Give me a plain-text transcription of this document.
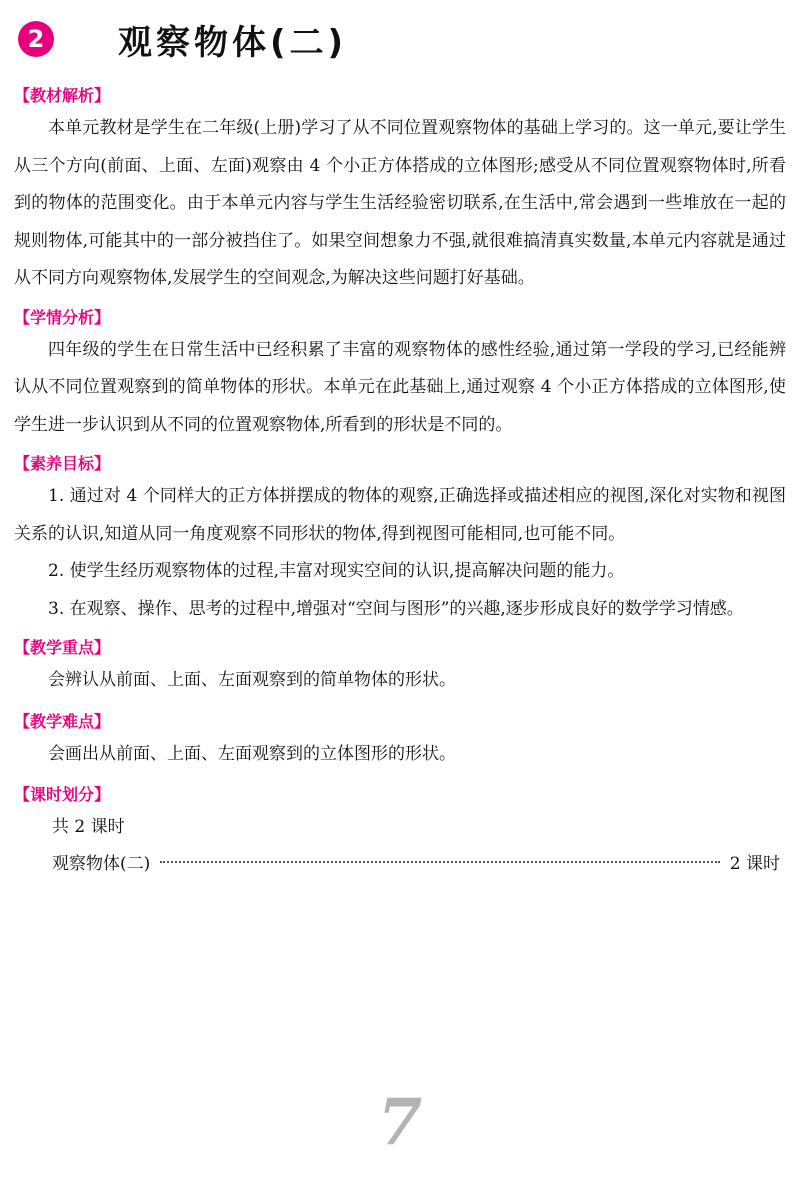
2 观察物体(二)
【教材解析】

本单元教材是学生在二年级(上册)学习了从不同位置观察物体的基础上学习的。这一单元,要让学生从三个方向(前面、上面、左面)观察由 4 个小正方体搭成的立体图形;感受从不同位置观察物体时,所看到的物体的范围变化。由于本单元内容与学生生活经验密切联系,在生活中,常会遇到一些堆放在一起的规则物体,可能其中的一部分被挡住了。如果空间想象力不强,就很难搞清真实数量,本单元内容就是通过从不同方向观察物体,发展学生的空间观念,为解决这些问题打好基础。

【学情分析】

四年级的学生在日常生活中已经积累了丰富的观察物体的感性经验,通过第一学段的学习,已经能辨认从不同位置观察到的简单物体的形状。本单元在此基础上,通过观察 4 个小正方体搭成的立体图形,使学生进一步认识到从不同的位置观察物体,所看到的形状是不同的。

【素养目标】

1. 通过对 4 个同样大的正方体拼摆成的物体的观察,正确选择或描述相应的视图,深化对实物和视图关系的认识,知道从同一角度观察不同形状的物体,得到视图可能相同,也可能不同。

2. 使学生经历观察物体的过程,丰富对现实空间的认识,提高解决问题的能力。

3. 在观察、操作、思考的过程中,增强对“空间与图形”的兴趣,逐步形成良好的数学学习情感。

【教学重点】

会辨认从前面、上面、左面观察到的简单物体的形状。

【教学难点】

会画出从前面、上面、左面观察到的立体图形的形状。

【课时划分】

共 2 课时

观察物体(二)	2 课时
7
